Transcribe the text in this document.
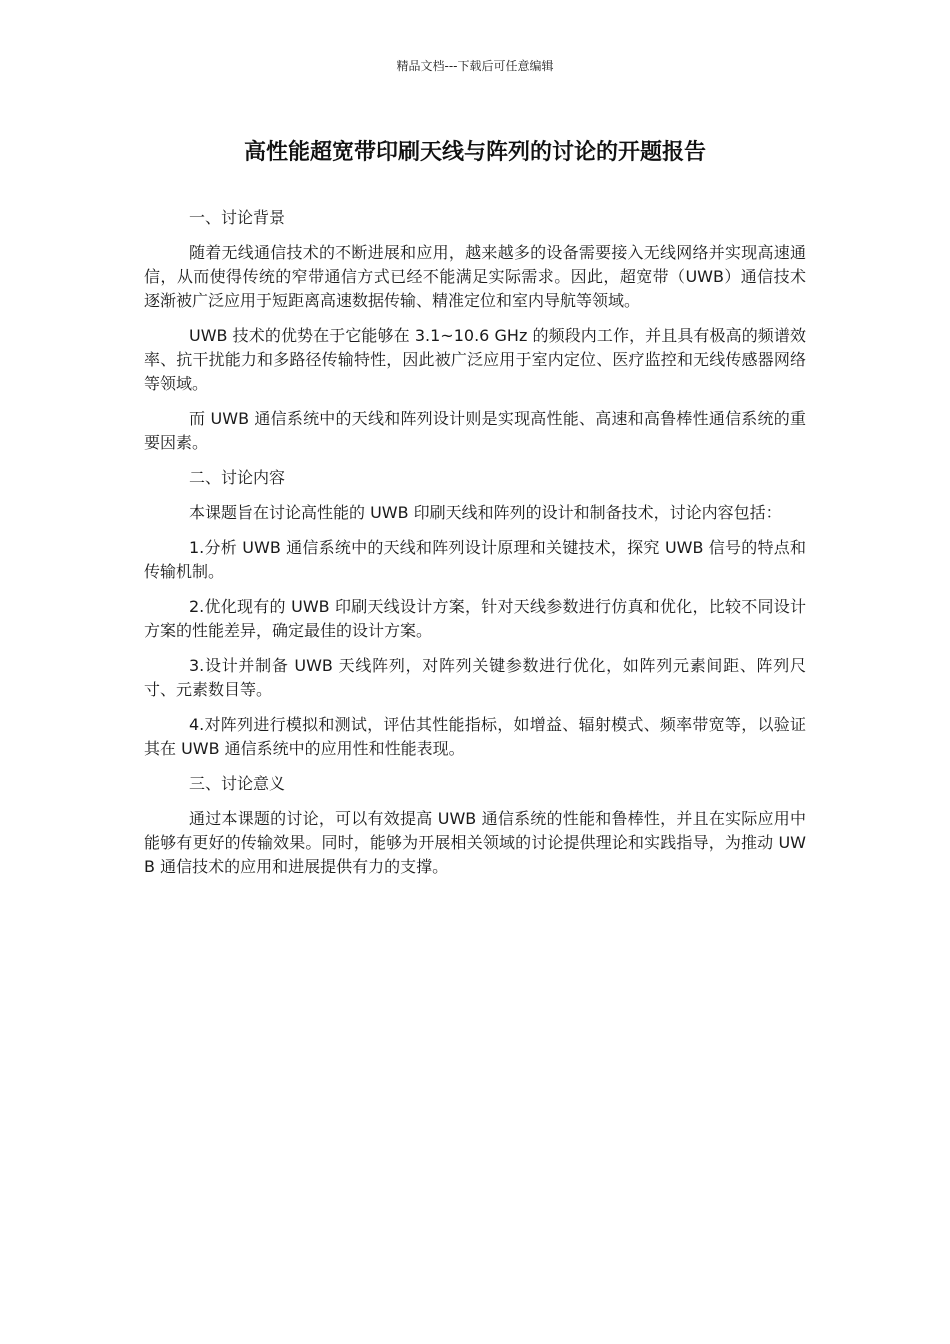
精品文档---下载后可任意编辑
高性能超宽带印刷天线与阵列的讨论的开题报告

一、讨论背景

随着无线通信技术的不断进展和应用，越来越多的设备需要接入无线网络并实现高速通信，从而使得传统的窄带通信方式已经不能满足实际需求。因此，超宽带（UWB）通信技术逐渐被广泛应用于短距离高速数据传输、精准定位和室内导航等领域。

UWB 技术的优势在于它能够在 3.1~10.6 GHz 的频段内工作，并且具有极高的频谱效率、抗干扰能力和多路径传输特性，因此被广泛应用于室内定位、医疗监控和无线传感器网络等领域。

而 UWB 通信系统中的天线和阵列设计则是实现高性能、高速和高鲁棒性通信系统的重要因素。

二、讨论内容

本课题旨在讨论高性能的 UWB 印刷天线和阵列的设计和制备技术，讨论内容包括：

1.分析 UWB 通信系统中的天线和阵列设计原理和关键技术，探究 UWB 信号的特点和传输机制。

2.优化现有的 UWB 印刷天线设计方案，针对天线参数进行仿真和优化，比较不同设计方案的性能差异，确定最佳的设计方案。

3.设计并制备 UWB 天线阵列，对阵列关键参数进行优化，如阵列元素间距、阵列尺寸、元素数目等。

4.对阵列进行模拟和测试，评估其性能指标，如增益、辐射模式、频率带宽等，以验证其在 UWB 通信系统中的应用性和性能表现。

三、讨论意义

通过本课题的讨论，可以有效提高 UWB 通信系统的性能和鲁棒性，并且在实际应用中能够有更好的传输效果。同时，能够为开展相关领域的讨论提供理论和实践指导，为推动 UWB 通信技术的应用和进展提供有力的支撑。
